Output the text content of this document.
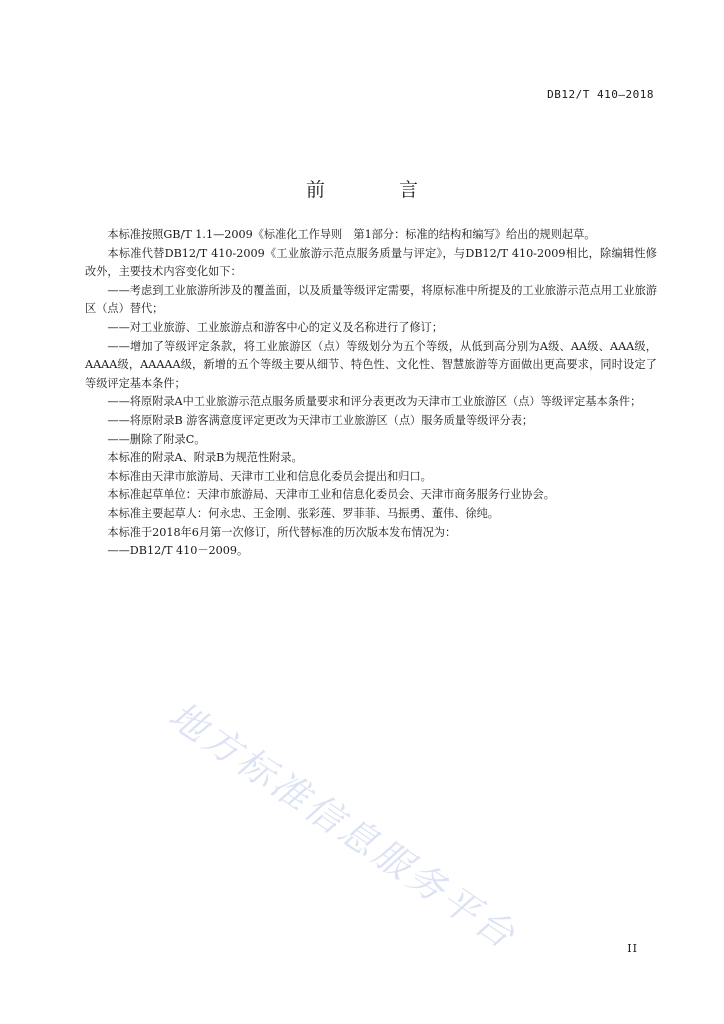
DB12/T 410—2018
前 言

本标准按照GB/T 1.1—2009《标准化工作导则　第1部分：标准的结构和编写》给出的规则起草。

本标准代替DB12/T 410-2009《工业旅游示范点服务质量与评定》，与DB12/T 410-2009相比，除编辑性修改外，主要技术内容变化如下：

——考虑到工业旅游所涉及的覆盖面，以及质量等级评定需要，将原标准中所提及的工业旅游示范点用工业旅游区（点）替代；

——对工业旅游、工业旅游点和游客中心的定义及名称进行了修订；

——增加了等级评定条款，将工业旅游区（点）等级划分为五个等级，从低到高分别为A级、AA级、AAA级，AAAA级，AAAAA级，新增的五个等级主要从细节、特色性、文化性、智慧旅游等方面做出更高要求，同时设定了等级评定基本条件；

——将原附录A中工业旅游示范点服务质量要求和评分表更改为天津市工业旅游区（点）等级评定基本条件；

——将原附录B 游客满意度评定更改为天津市工业旅游区（点）服务质量等级评分表；

——删除了附录C。

本标准的附录A、附录B为规范性附录。

本标准由天津市旅游局、天津市工业和信息化委员会提出和归口。

本标准起草单位：天津市旅游局、天津市工业和信息化委员会、天津市商务服务行业协会。

本标准主要起草人：何永忠、王金刚、张彩莲、罗菲菲、马振勇、董伟、徐纯。

本标准于2018年6月第一次修订，所代替标准的历次版本发布情况为：

——DB12/T 410－2009。

地方标准信息服务平台	II
